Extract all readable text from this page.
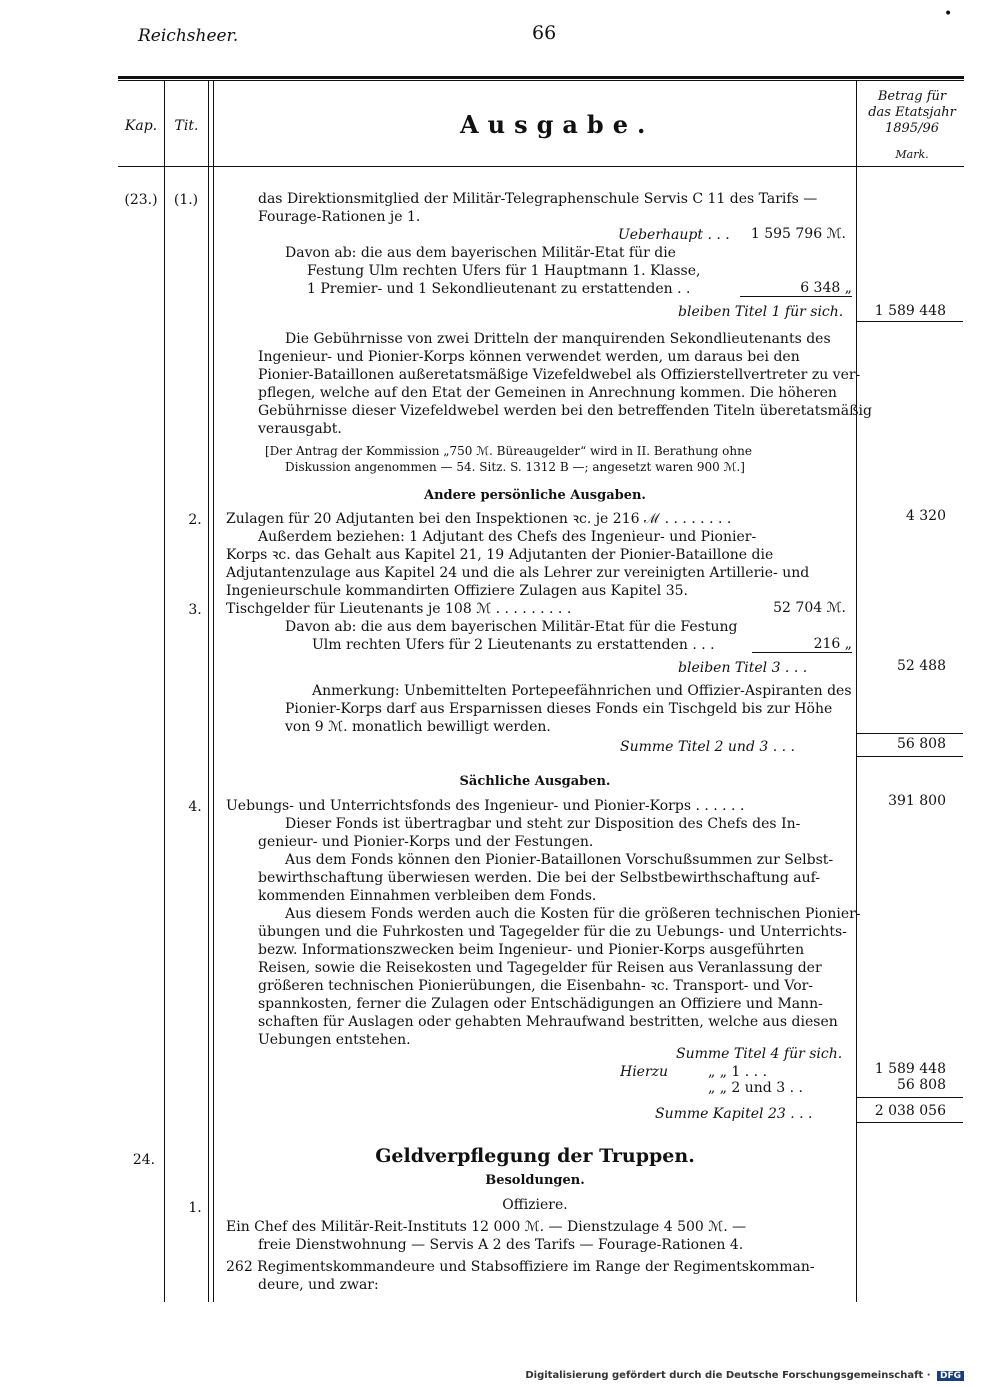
Reichsheer.	66
•
Kap.	Tit.	Ausgabe.
Betrag für
das Etatsjahr
1895/96
Mark.
(23.)	(1.)	das Direktionsmitglied der Militär-Telegraphenschule Servis C 11 des Tarifs —
Fourage-Rationen je 1.
Ueberhaupt . . .	1 595 796 ℳ.
Davon ab: die aus dem bayerischen Militär-Etat für die
Festung Ulm rechten Ufers für 1 Hauptmann 1. Klasse,
1 Premier- und 1 Sekondlieutenant zu erstattenden . .	6 348 „
bleiben Titel 1 für sich.	1 589 448
Die Gebührnisse von zwei Dritteln der manquirenden Sekondlieutenants des
Ingenieur- und Pionier-Korps können verwendet werden, um daraus bei den
Pionier-Bataillonen außeretatsmäßige Vizefeldwebel als Offizierstellvertreter zu ver-
pflegen, welche auf den Etat der Gemeinen in Anrechnung kommen. Die höheren
Gebührnisse dieser Vizefeldwebel werden bei den betreffenden Titeln überetatsmäßig
verausgabt.
[Der Antrag der Kommission „750 ℳ. Büreaugelder“ wird in II. Berathung ohne
Diskussion angenommen — 54. Sitz. S. 1312 B —; angesetzt waren 900 ℳ.]
Andere persönliche Ausgaben.
2.	Zulagen für 20 Adjutanten bei den Inspektionen ꝛc. je 216 ℳ . . . . . . . .	4 320
Außerdem beziehen: 1 Adjutant des Chefs des Ingenieur- und Pionier-
Korps ꝛc. das Gehalt aus Kapitel 21, 19 Adjutanten der Pionier-Bataillone die
Adjutantenzulage aus Kapitel 24 und die als Lehrer zur vereinigten Artillerie- und
Ingenieurschule kommandirten Offiziere Zulagen aus Kapitel 35.
3.	Tischgelder für Lieutenants je 108 ℳ . . . . . . . . .	52 704 ℳ.
Davon ab: die aus dem bayerischen Militär-Etat für die Festung
Ulm rechten Ufers für 2 Lieutenants zu erstattenden . . .	216 „
bleiben Titel 3 . . .	52 488
Anmerkung: Unbemittelten Portepeefähnrichen und Offizier-Aspiranten des
Pionier-Korps darf aus Ersparnissen dieses Fonds ein Tischgeld bis zur Höhe
von 9 ℳ. monatlich bewilligt werden.
Summe Titel 2 und 3 . . .	56 808
Sächliche Ausgaben.
4.	Uebungs- und Unterrichtsfonds des Ingenieur- und Pionier-Korps . . . . . .	391 800
Dieser Fonds ist übertragbar und steht zur Disposition des Chefs des In-
genieur- und Pionier-Korps und der Festungen.
Aus dem Fonds können den Pionier-Bataillonen Vorschußsummen zur Selbst-
bewirthschaftung überwiesen werden. Die bei der Selbstbewirthschaftung auf-
kommenden Einnahmen verbleiben dem Fonds.
Aus diesem Fonds werden auch die Kosten für die größeren technischen Pionier-
übungen und die Fuhrkosten und Tagegelder für die zu Uebungs- und Unterrichts-
bezw. Informationszwecken beim Ingenieur- und Pionier-Korps ausgeführten
Reisen, sowie die Reisekosten und Tagegelder für Reisen aus Veranlassung der
größeren technischen Pionierübungen, die Eisenbahn- ꝛc. Transport- und Vor-
spannkosten, ferner die Zulagen oder Entschädigungen an Offiziere und Mann-
schaften für Auslagen oder gehabten Mehraufwand bestritten, welche aus diesen
Uebungen entstehen.
Summe Titel 4 für sich.
Hierzu	„ „ 1 . . .	1 589 448
„ „ 2 und 3 . .	56 808
Summe Kapitel 23 . . .	2 038 056
24.	Geldverpflegung der Truppen.
Besoldungen.
1.	Offiziere.
Ein Chef des Militär-Reit-Instituts 12 000 ℳ. — Dienstzulage 4 500 ℳ. —
freie Dienstwohnung — Servis A 2 des Tarifs — Fourage-Rationen 4.
262 Regimentskommandeure und Stabsoffiziere im Range der Regimentskomman-
deure, und zwar:
Digitalisierung gefördert durch die Deutsche Forschungsgemeinschaft · DFG
